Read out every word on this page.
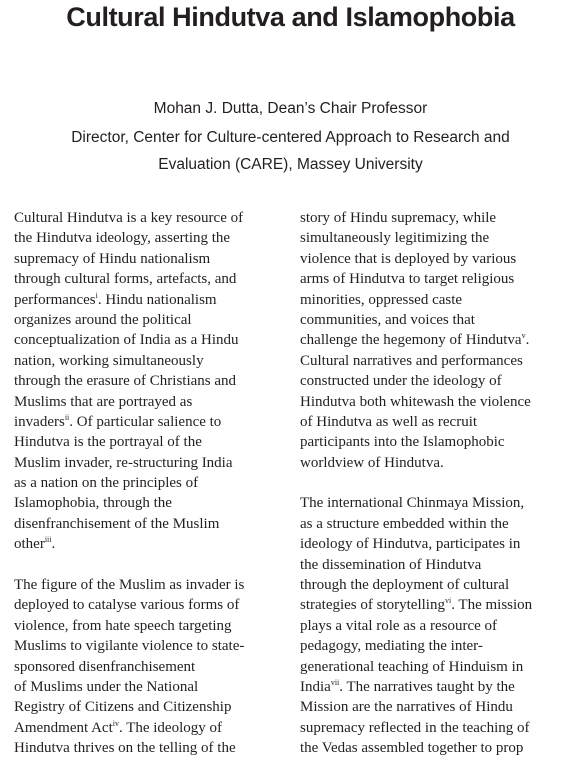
Cultural Hindutva and Islamophobia
Mohan J. Dutta, Dean’s Chair Professor
Director, Center for Culture-centered Approach to Research and
Evaluation (CARE), Massey University
Cultural Hindutva is a key resource of
the Hindutva ideology, asserting the
supremacy of Hindu nationalism
through cultural forms, artefacts, and
performances$^i$. Hindu nationalism
organizes around the political
conceptualization of India as a Hindu
nation, working simultaneously
through the erasure of Christians and
Muslims that are portrayed as
invaders$^{ii}$. Of particular salience to
Hindutva is the portrayal of the
Muslim invader, re-structuring India
as a nation on the principles of
Islamophobia, through the
disenfranchisement of the Muslim
other$^{iii}$.
The figure of the Muslim as invader is
deployed to catalyse various forms of
violence, from hate speech targeting
Muslims to vigilante violence to state-
sponsored disenfranchisement
of Muslims under the National
Registry of Citizens and Citizenship
Amendment Act$^{iv}$. The ideology of
Hindutva thrives on the telling of the
story of Hindu supremacy, while
simultaneously legitimizing the
violence that is deployed by various
arms of Hindutva to target religious
minorities, oppressed caste
communities, and voices that
challenge the hegemony of Hindutva$^v$.
Cultural narratives and performances
constructed under the ideology of
Hindutva both whitewash the violence
of Hindutva as well as recruit
participants into the Islamophobic
worldview of Hindutva.
The international Chinmaya Mission,
as a structure embedded within the
ideology of Hindutva, participates in
the dissemination of Hindutva
through the deployment of cultural
strategies of storytelling$^{vi}$. The mission
plays a vital role as a resource of
pedagogy, mediating the inter-
generational teaching of Hinduism in
India$^{vii}$. The narratives taught by the
Mission are the narratives of Hindu
supremacy reflected in the teaching of
the Vedas assembled together to prop
